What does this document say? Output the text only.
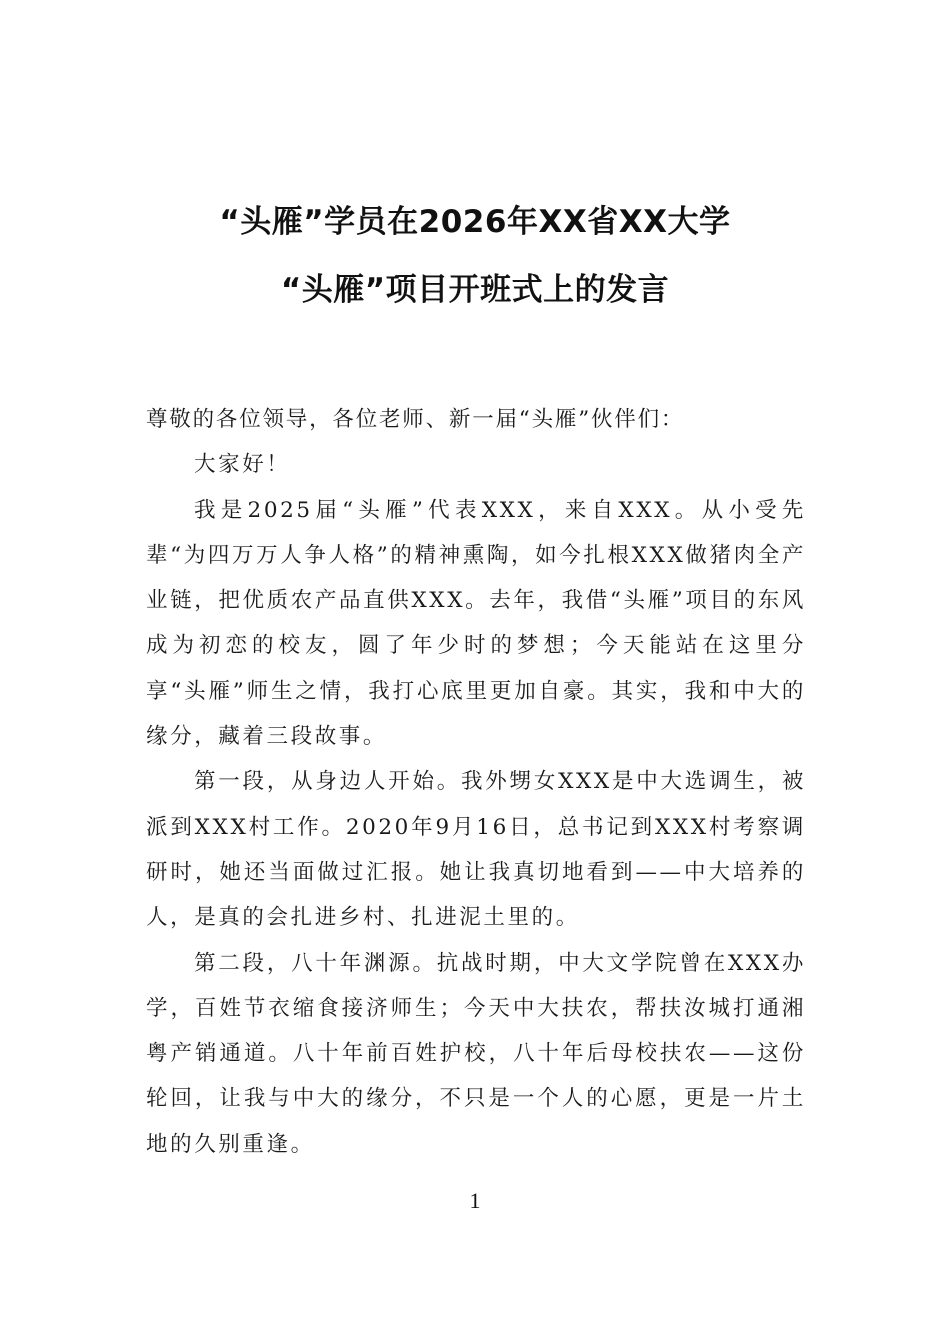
“头雁”学员在2026年XX省XX大学
“头雁”项目开班式上的发言

尊敬的各位领导，各位老师、新一届“头雁”伙伴们：

大家好！

我是2025届“头雁”代表XXX，来自XXX。从小受先辈“为四万万人争人格”的精神熏陶，如今扎根XXX做猪肉全产业链，把优质农产品直供XXX。去年，我借“头雁”项目的东风成为初恋的校友，圆了年少时的梦想；今天能站在这里分享“头雁”师生之情，我打心底里更加自豪。其实，我和中大的缘分，藏着三段故事。

第一段，从身边人开始。我外甥女XXX是中大选调生，被派到XXX村工作。2020年9月16日，总书记到XXX村考察调研时，她还当面做过汇报。她让我真切地看到——中大培养的人，是真的会扎进乡村、扎进泥土里的。

第二段，八十年渊源。抗战时期，中大文学院曾在XXX办学，百姓节衣缩食接济师生；今天中大扶农，帮扶汝城打通湘粤产销通道。八十年前百姓护校，八十年后母校扶农——这份轮回，让我与中大的缘分，不只是一个人的心愿，更是一片土地的久别重逢。

1
